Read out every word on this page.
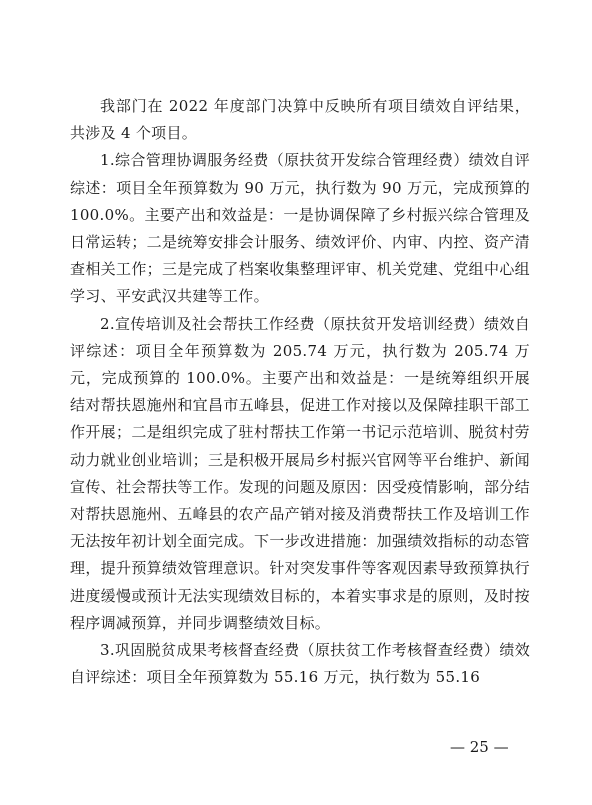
我部门在 2022 年度部门决算中反映所有项目绩效自评结果，共涉及 4 个项目。

1.综合管理协调服务经费（原扶贫开发综合管理经费）绩效自评综述：项目全年预算数为 90 万元，执行数为 90 万元，完成预算的 100.0%。主要产出和效益是：一是协调保障了乡村振兴综合管理及日常运转；二是统筹安排会计服务、绩效评价、内审、内控、资产清查相关工作；三是完成了档案收集整理评审、机关党建、党组中心组学习、平安武汉共建等工作。

2.宣传培训及社会帮扶工作经费（原扶贫开发培训经费）绩效自评综述：项目全年预算数为 205.74 万元，执行数为 205.74 万元，完成预算的 100.0%。主要产出和效益是：一是统筹组织开展结对帮扶恩施州和宜昌市五峰县，促进工作对接以及保障挂职干部工作开展；二是组织完成了驻村帮扶工作第一书记示范培训、脱贫村劳动力就业创业培训；三是积极开展局乡村振兴官网等平台维护、新闻宣传、社会帮扶等工作。发现的问题及原因：因受疫情影响，部分结对帮扶恩施州、五峰县的农产品产销对接及消费帮扶工作及培训工作无法按年初计划全面完成。下一步改进措施：加强绩效指标的动态管理，提升预算绩效管理意识。针对突发事件等客观因素导致预算执行进度缓慢或预计无法实现绩效目标的，本着实事求是的原则，及时按程序调减预算，并同步调整绩效目标。

3.巩固脱贫成果考核督查经费（原扶贫工作考核督查经费）绩效自评综述：项目全年预算数为 55.16 万元，执行数为 55.16

— 25 —
